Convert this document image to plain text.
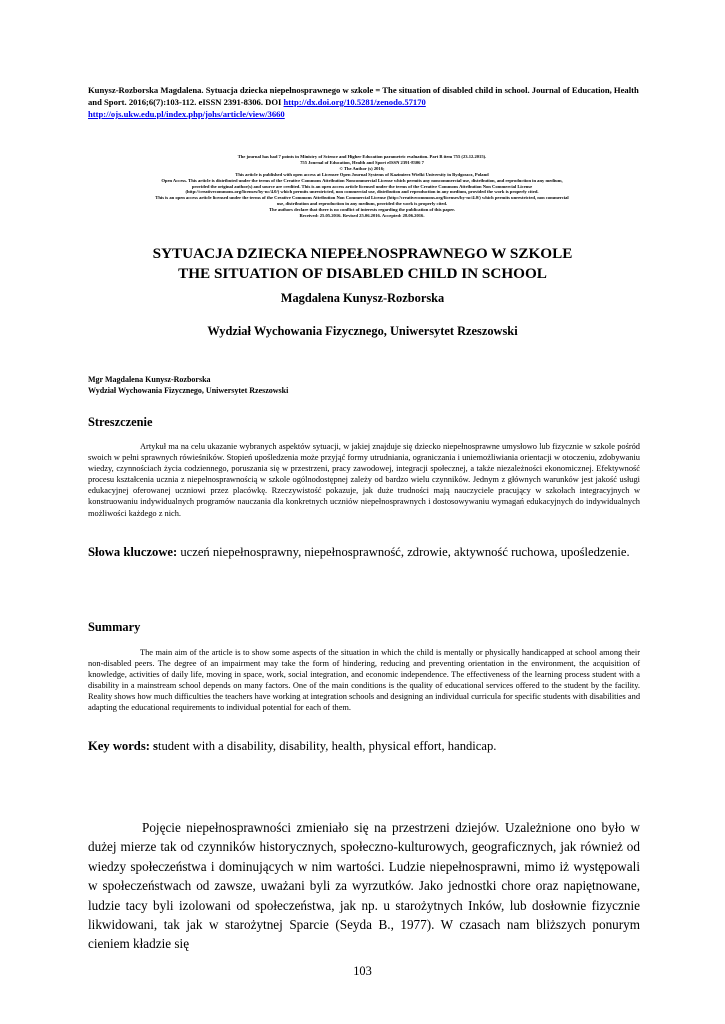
Kunysz-Rozborska Magdalena. Sytuacja dziecka niepełnosprawnego w szkole = The situation of disabled child in school. Journal of Education, Health and Sport. 2016;6(7):103-112. eISSN 2391-8306. DOI http://dx.doi.org/10.5281/zenodo.57170
http://ojs.ukw.edu.pl/index.php/johs/article/view/3660
The journal has had 7 points in Ministry of Science and Higher Education parametric evaluation. Part B item 755 (23.12.2015).
755 Journal of Education, Health and Sport eISSN 2391-8306 7
© The Author (s) 2016;
This article is published with open access at Licensee Open Journal Systems of Kazimierz Wielki University in Bydgoszcz, Poland
Open Access. This article is distributed under the terms of the Creative Commons Attribution Noncommercial License which permits any noncommercial use, distribution, and reproduction in any medium,
provided the original author(s) and source are credited. This is an open access article licensed under the terms of the Creative Commons Attribution Non Commercial License
(http://creativecommons.org/licenses/by-nc/4.0/) which permits unrestricted, non commercial use, distribution and reproduction in any medium, provided the work is properly cited.
This is an open access article licensed under the terms of the Creative Commons Attribution Non Commercial License (http://creativecommons.org/licenses/by-nc/4.0/) which permits unrestricted, non commercial
use, distribution and reproduction in any medium, provided the work is properly cited.
The authors declare that there is no conflict of interests regarding the publication of this paper.
Received: 25.05.2016. Revised 25.06.2016. Accepted: 28.06.2016.
SYTUACJA DZIECKA NIEPEŁNOSPRAWNEGO W SZKOLE
THE SITUATION OF DISABLED CHILD IN SCHOOL
Magdalena Kunysz-Rozborska
Wydział Wychowania Fizycznego, Uniwersytet Rzeszowski
Mgr Magdalena Kunysz-Rozborska
Wydział Wychowania Fizycznego, Uniwersytet Rzeszowski
Streszczenie
Artykuł ma na celu ukazanie wybranych aspektów sytuacji, w jakiej znajduje się dziecko niepełnosprawne umysłowo lub fizycznie w szkole pośród swoich w pełni sprawnych rówieśników. Stopień upośledzenia może przyjąć formy utrudniania, ograniczania i uniemożliwiania orientacji w otoczeniu, zdobywaniu wiedzy, czynnościach życia codziennego, poruszania się w przestrzeni, pracy zawodowej, integracji społecznej, a także niezależności ekonomicznej. Efektywność procesu kształcenia ucznia z niepełnosprawnością w szkole ogólnodostępnej zależy od bardzo wielu czynników. Jednym z głównych warunków jest jakość usługi edukacyjnej oferowanej uczniowi przez placówkę. Rzeczywistość pokazuje, jak duże trudności mają nauczyciele pracujący w szkołach integracyjnych w konstruowaniu indywidualnych programów nauczania dla konkretnych uczniów niepełnosprawnych i dostosowywaniu wymagań edukacyjnych do indywidualnych możliwości każdego z nich.
Słowa kluczowe: uczeń niepełnosprawny, niepełnosprawność, zdrowie, aktywność ruchowa, upośledzenie.
Summary
The main aim of the article is to show some aspects of the situation in which the child is mentally or physically handicapped at school among their non-disabled peers. The degree of an impairment may take the form of hindering, reducing and preventing orientation in the environment, the acquisition of knowledge, activities of daily life, moving in space, work, social integration, and economic independence. The effectiveness of the learning process student with a disability in a mainstream school depends on many factors. One of the main conditions is the quality of educational services offered to the student by the facility. Reality shows how much difficulties the teachers have working at integration schools and designing an individual curricula for specific students with disabilities and adapting the educational requirements to individual potential for each of them.
Key words: student with a disability, disability, health, physical effort, handicap.
Pojęcie niepełnosprawności zmieniało się na przestrzeni dziejów. Uzależnione ono było w dużej mierze tak od czynników historycznych, społeczno-kulturowych, geograficznych, jak również od wiedzy społeczeństwa i dominujących w nim wartości. Ludzie niepełnosprawni, mimo iż występowali w społeczeństwach od zawsze, uważani byli za wyrzutków. Jako jednostki chore oraz napiętnowane, ludzie tacy byli izolowani od społeczeństwa, jak np. u starożytnych Inków, lub dosłownie fizycznie likwidowani, tak jak w starożytnej Sparcie (Seyda B., 1977). W czasach nam bliższych ponurym cieniem kładzie się
103
